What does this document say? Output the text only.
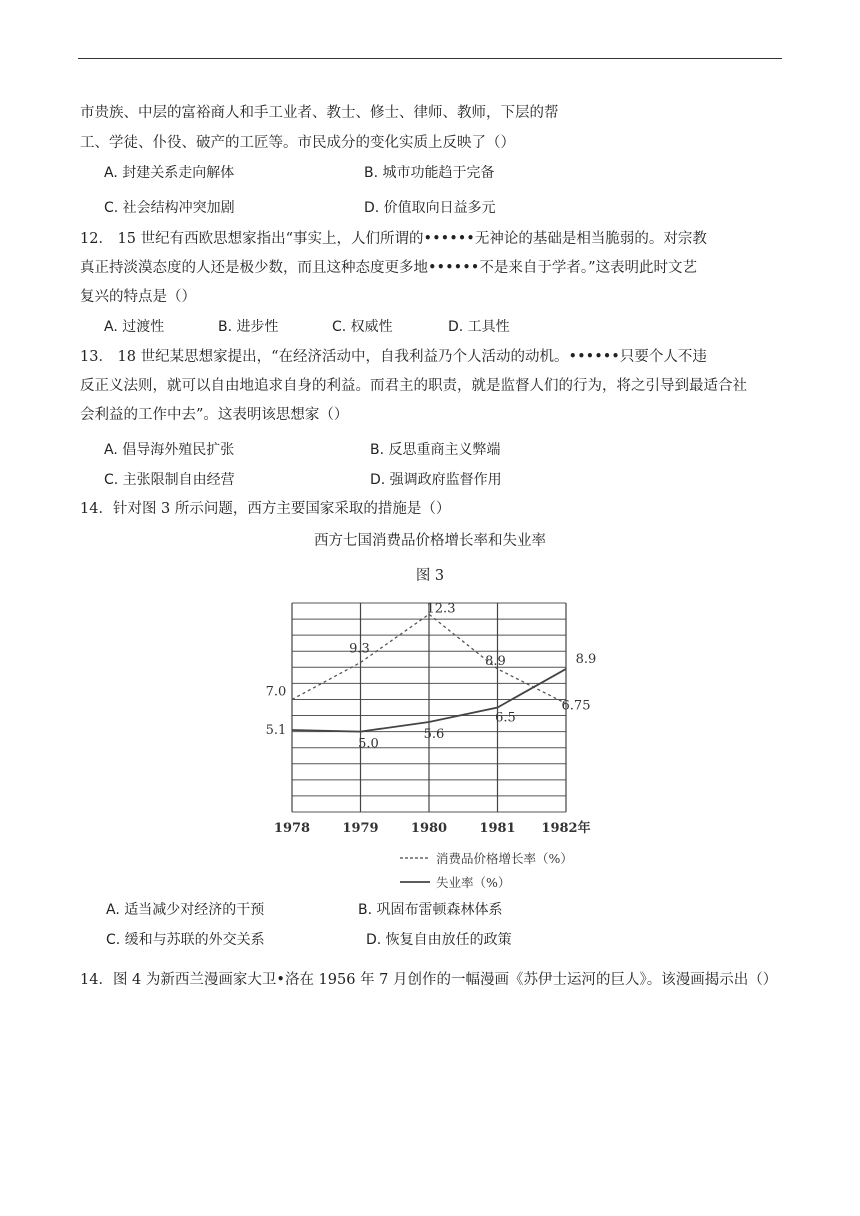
市贵族、中层的富裕商人和手工业者、教士、修士、律师、教师，下层的帮
工、学徒、仆役、破产的工匠等。市民成分的变化实质上反映了（）
A. 封建关系走向解体	B. 城市功能趋于完备
C. 社会结构冲突加剧	D. 价值取向日益多元
12． 15 世纪有西欧思想家指出“事实上，人们所谓的••••••无神论的基础是相当脆弱的。对宗教
真正持淡漠态度的人还是极少数，而且这种态度更多地••••••不是来自于学者。”这表明此时文艺
复兴的特点是（）
A. 过渡性	B. 进步性	C. 权威性	D. 工具性
13． 18 世纪某思想家提出，“在经济活动中，自我利益乃个人活动的动机。••••••只要个人不违
反正义法则，就可以自由地追求自身的利益。而君主的职责，就是监督人们的行为，将之引导到最适合社
会利益的工作中去”。这表明该思想家（）
A. 倡导海外殖民扩张	B. 反思重商主义弊端
C. 主张限制自由经营	D. 强调政府监督作用
14．针对图 3 所示问题，西方主要国家采取的措施是（）
西方七国消费品价格增长率和失业率
图 3
7.0
9.3
12.3
8.9
6.75
5.1
5.0
5.6
6.5
8.9
1978 1979 1980 1981 1982年
消费品价格增长率（%）
失业率（%）
A. 适当减少对经济的干预	B. 巩固布雷顿森林体系
C. 缓和与苏联的外交关系	D. 恢复自由放任的政策
14．图 4 为新西兰漫画家大卫•洛在 1956 年 7 月创作的一幅漫画《苏伊士运河的巨人》。该漫画揭示出（）
